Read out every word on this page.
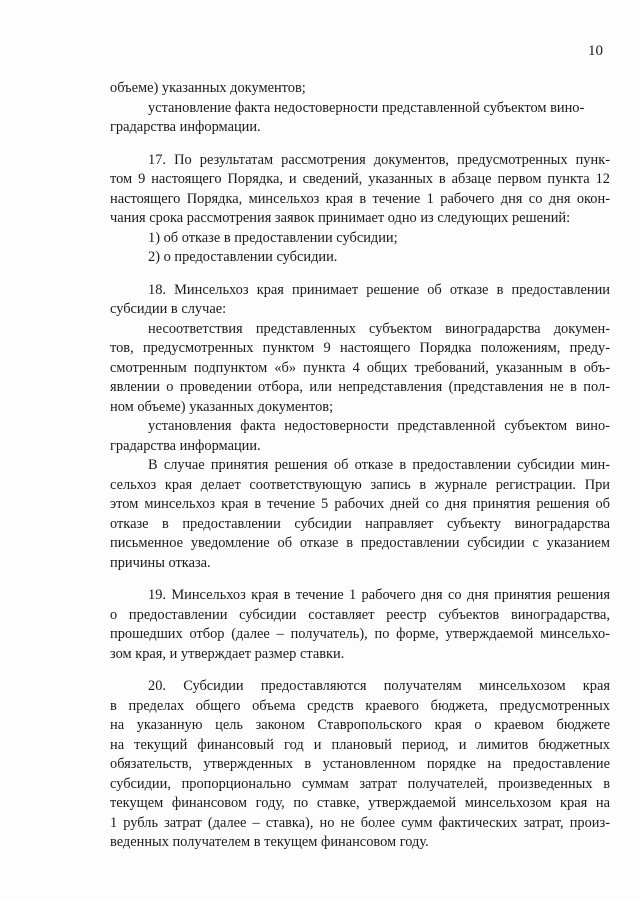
10
объеме) указанных документов;
установление факта недостоверности представленной субъектом вино-
градарства информации.
17. По результатам рассмотрения документов, предусмотренных пунк-
том 9 настоящего Порядка, и сведений, указанных в абзаце первом пункта 12
настоящего Порядка, минсельхоз края в течение 1 рабочего дня со дня окон-
чания срока рассмотрения заявок принимает одно из следующих решений:
1) об отказе в предоставлении субсидии;
2) о предоставлении субсидии.
18. Минсельхоз края принимает решение об отказе в предоставлении
субсидии в случае:
несоответствия представленных субъектом виноградарства докумен-
тов, предусмотренных пунктом 9 настоящего Порядка положениям, преду-
смотренным подпунктом «б» пункта 4 общих требований, указанным в объ-
явлении о проведении отбора, или непредставления (представления не в пол-
ном объеме) указанных документов;
установления факта недостоверности представленной субъектом вино-
градарства информации.
В случае принятия решения об отказе в предоставлении субсидии мин-
сельхоз края делает соответствующую запись в журнале регистрации. При
этом минсельхоз края в течение 5 рабочих дней со дня принятия решения об
отказе в предоставлении субсидии направляет субъекту виноградарства
письменное уведомление об отказе в предоставлении субсидии с указанием
причины отказа.
19. Минсельхоз края в течение 1 рабочего дня со дня принятия решения
о предоставлении субсидии составляет реестр субъектов виноградарства,
прошедших отбор (далее – получатель), по форме, утверждаемой минсельхо-
зом края, и утверждает размер ставки.
20. Субсидии предоставляются получателям минсельхозом края
в пределах общего объема средств краевого бюджета, предусмотренных
на указанную цель законом Ставропольского края о краевом бюджете
на текущий финансовый год и плановый период, и лимитов бюджетных
обязательств, утвержденных в установленном порядке на предоставление
субсидии, пропорционально суммам затрат получателей, произведенных в
текущем финансовом году, по ставке, утверждаемой минсельхозом края на
1 рубль затрат (далее – ставка), но не более сумм фактических затрат, произ-
веденных получателем в текущем финансовом году.
